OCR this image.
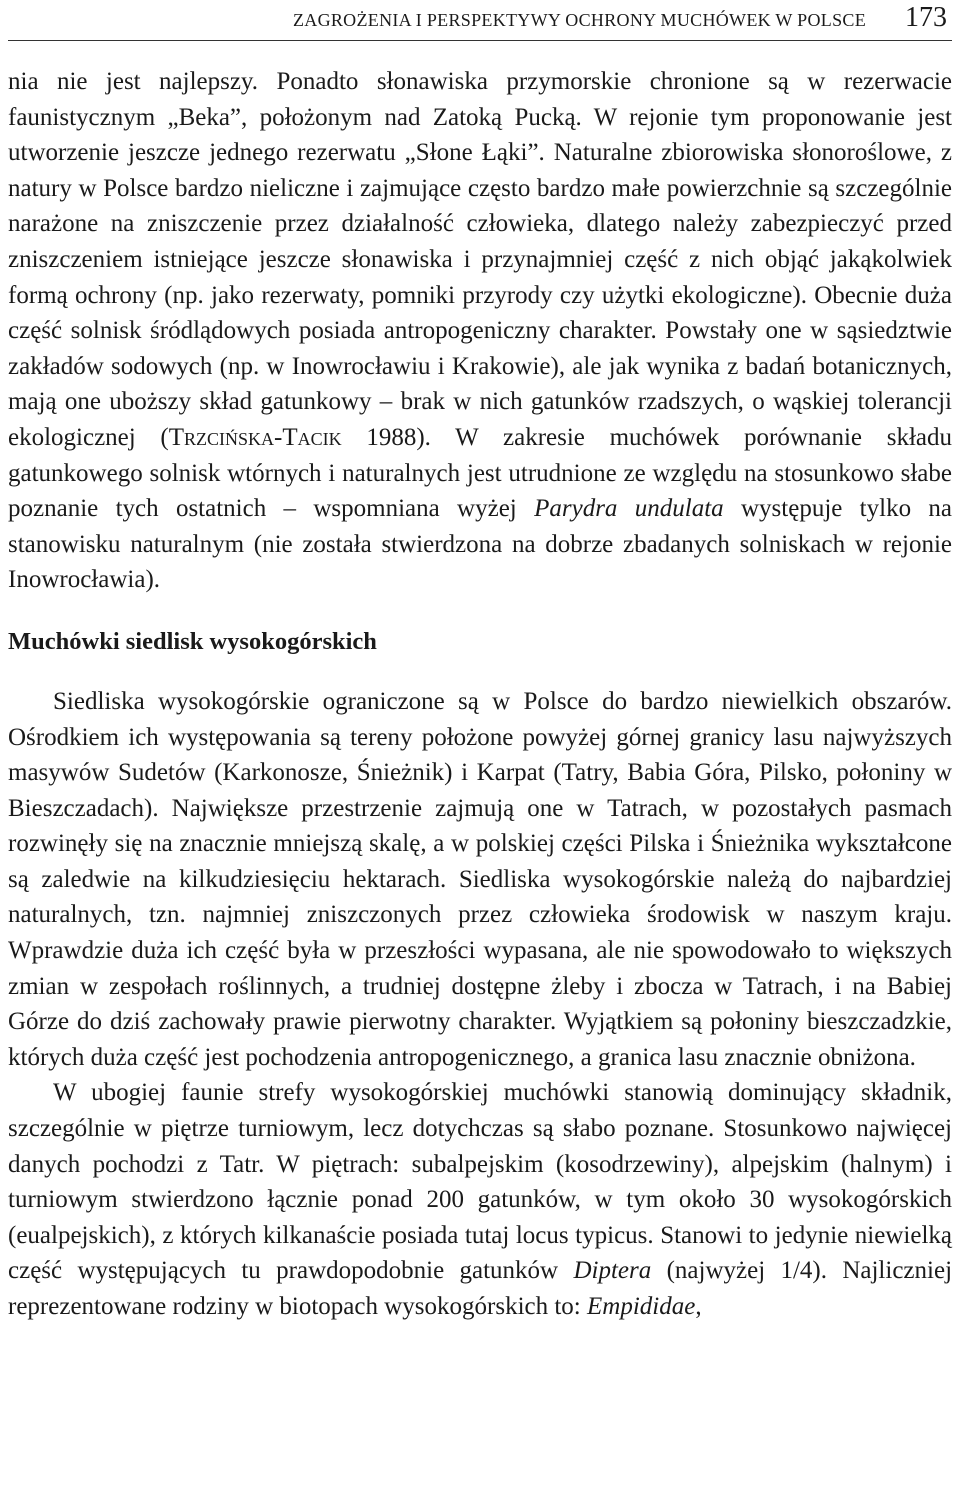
ZAGROŻENIA I PERSPEKTYWY OCHRONY MUCHÓWEK W POLSCE 173

nia nie jest najlepszy. Ponadto słonawiska przymorskie chronione są w rezerwacie faunistycznym „Beka”, położonym nad Zatoką Pucką. W rejonie tym proponowanie jest utworzenie jeszcze jednego rezerwatu „Słone Łąki”. Naturalne zbiorowiska słonoroślowe, z natury w Polsce bardzo nieliczne i zajmujące często bardzo małe powierzchnie są szczególnie narażone na zniszczenie przez działalność człowieka, dlatego należy zabezpieczyć przed zniszczeniem istniejące jeszcze słonawiska i przynajmniej część z nich objąć jakąkolwiek formą ochrony (np. jako rezerwaty, pomniki przyrody czy użytki ekologiczne). Obecnie duża część solnisk śródlądowych posiada antropogeniczny charakter. Powstały one w sąsiedztwie zakładów sodowych (np. w Inowrocławiu i Krakowie), ale jak wynika z badań botanicznych, mają one uboższy skład gatunkowy – brak w nich gatunków rzadszych, o wąskiej tolerancji ekologicznej (Trzcińska-Tacik 1988). W zakresie muchówek porównanie składu gatunkowego solnisk wtórnych i naturalnych jest utrudnione ze względu na stosunkowo słabe poznanie tych ostatnich – wspomniana wyżej Parydra undulata występuje tylko na stanowisku naturalnym (nie została stwierdzona na dobrze zbadanych solniskach w rejonie Inowrocławia).

Muchówki siedlisk wysokogórskich

Siedliska wysokogórskie ograniczone są w Polsce do bardzo niewielkich obszarów. Ośrodkiem ich występowania są tereny położone powyżej górnej granicy lasu najwyższych masywów Sudetów (Karkonosze, Śnieżnik) i Karpat (Tatry, Babia Góra, Pilsko, połoniny w Bieszczadach). Największe przestrzenie zajmują one w Tatrach, w pozostałych pasmach rozwinęły się na znacznie mniejszą skalę, a w polskiej części Pilska i Śnieżnika wykształcone są zaledwie na kilkudziesięciu hektarach. Siedliska wysokogórskie należą do najbardziej naturalnych, tzn. najmniej zniszczonych przez człowieka środowisk w naszym kraju. Wprawdzie duża ich część była w przeszłości wypasana, ale nie spowodowało to większych zmian w zespołach roślinnych, a trudniej dostępne żleby i zbocza w Tatrach, i na Babiej Górze do dziś zachowały prawie pierwotny charakter. Wyjątkiem są połoniny bieszczadzkie, których duża część jest pochodzenia antropogenicznego, a granica lasu znacznie obniżona.

W ubogiej faunie strefy wysokogórskiej muchówki stanowią dominujący składnik, szczególnie w piętrze turniowym, lecz dotychczas są słabo poznane. Stosunkowo najwięcej danych pochodzi z Tatr. W piętrach: subalpejskim (kosodrzewiny), alpejskim (halnym) i turniowym stwierdzono łącznie ponad 200 gatunków, w tym około 30 wysokogórskich (eualpejskich), z których kilkanaście posiada tutaj locus typicus. Stanowi to jedynie niewielką część występujących tu prawdopodobnie gatunków Diptera (najwyżej 1/4). Najliczniej reprezentowane rodziny w biotopach wysokogórskich to: Empididae,
